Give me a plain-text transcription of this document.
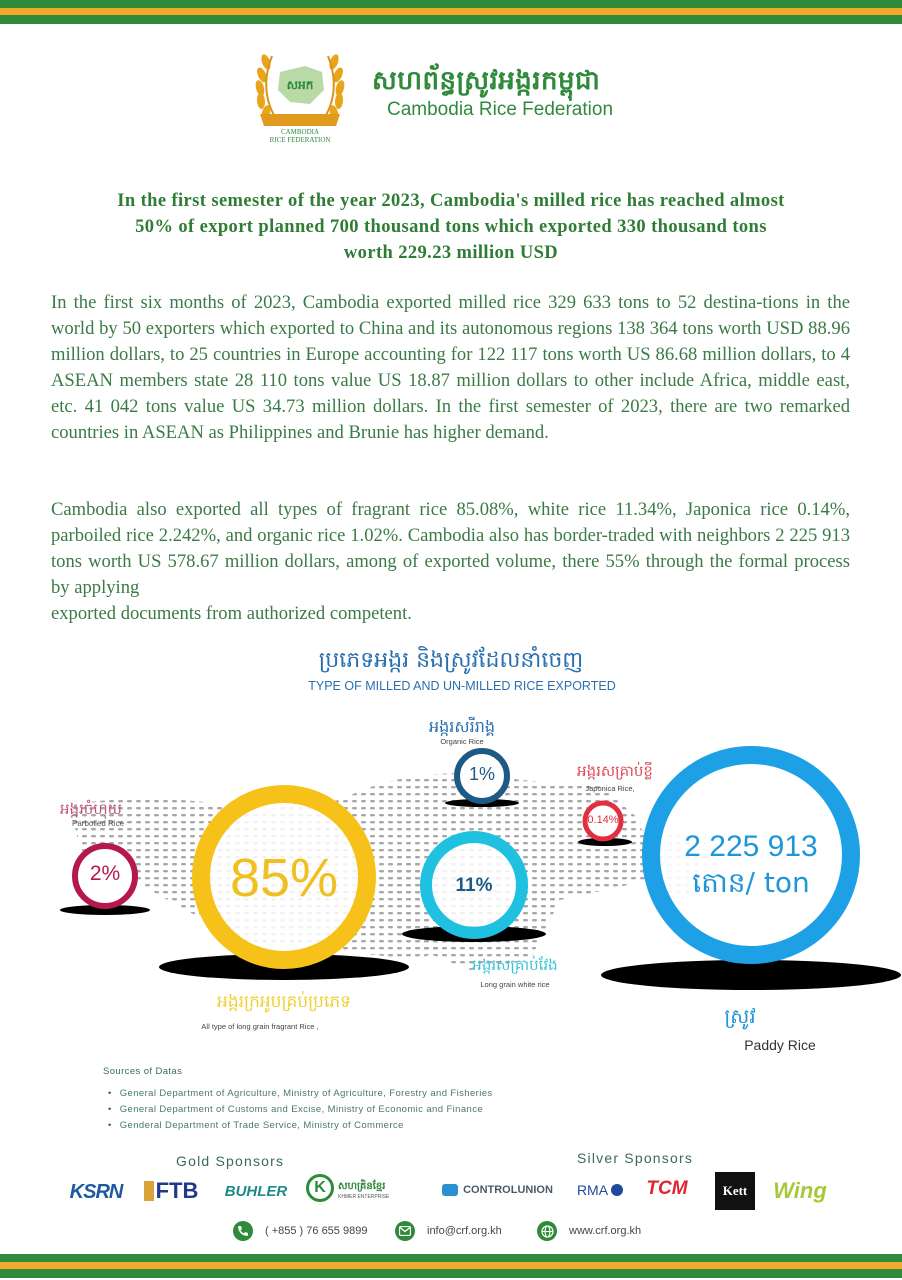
សអក
CAMBODIA
RICE FEDERATION
សហព័ន្ធស្រូវអង្ករកម្ពុជា
Cambodia Rice Federation
In the first semester of the year 2023, Cambodia's milled rice has reached almost
50% of export planned 700 thousand tons which exported 330 thousand tons
worth 229.23 million USD

In the first six months of 2023, Cambodia exported milled rice 329 633 tons to 52 destina-tions in the world by 50 exporters which exported to China and its autonomous regions 138 364 tons worth USD 88.96 million dollars, to 25 countries in Europe accounting for 122 117 tons worth US 86.68 million dollars, to 4 ASEAN members state 28 110 tons value US 18.87 million dollars to other include Africa, middle east, etc. 41 042 tons value US 34.73 million dollars. In the first semester of 2023, there are two remarked countries in ASEAN as Philippines and Brunie has higher demand.

Cambodia also exported all types of fragrant rice 85.08%, white rice 11.34%, Japonica rice 0.14%, parboiled rice 2.242%, and organic rice 1.02%. Cambodia also has border-traded with neighbors 2 225 913 tons worth US 578.67 million dollars, among of exported volume, there 55% through the formal process by applying
exported documents from authorized competent.

ប្រភេទអង្ករ និងស្រូវដែលនាំចេញ
TYPE OF MILLED AND UN-MILLED RICE EXPORTED
2%	85%
1%
11%
0.14%
2 225 913
តោន/ ton
អង្ករចំហុយ
Parboiled Rice
អង្ករក្រអូបគ្រប់ប្រភេទ
All type of long grain fragrant Rice ,
អង្ករសរីរាង្គ
Organic Rice
អង្ករសគ្រាប់វែង
Long grain white rice
អង្ករសគ្រាប់ខ្លី
Japonica Rice,
ស្រូវ
Paddy Rice
Sources of Datas
• General Department of Agriculture, Ministry of Agriculture, Forestry and Fisheries
• General Department of Customs and Excise, Ministry of Economic and Finance
• Genderal Department of Trade Service, Ministry of Commerce
Gold Sponsors	Silver Sponsors
KSRN FTB	BUHLER	K	សហគ្រិនខ្មែរ
KHMER ENTERPRISE
CONTROLUNION RMA	TCM	Kett	Wing
( +855 ) 76 655 9899	info@crf.org.kh	www.crf.org.kh
